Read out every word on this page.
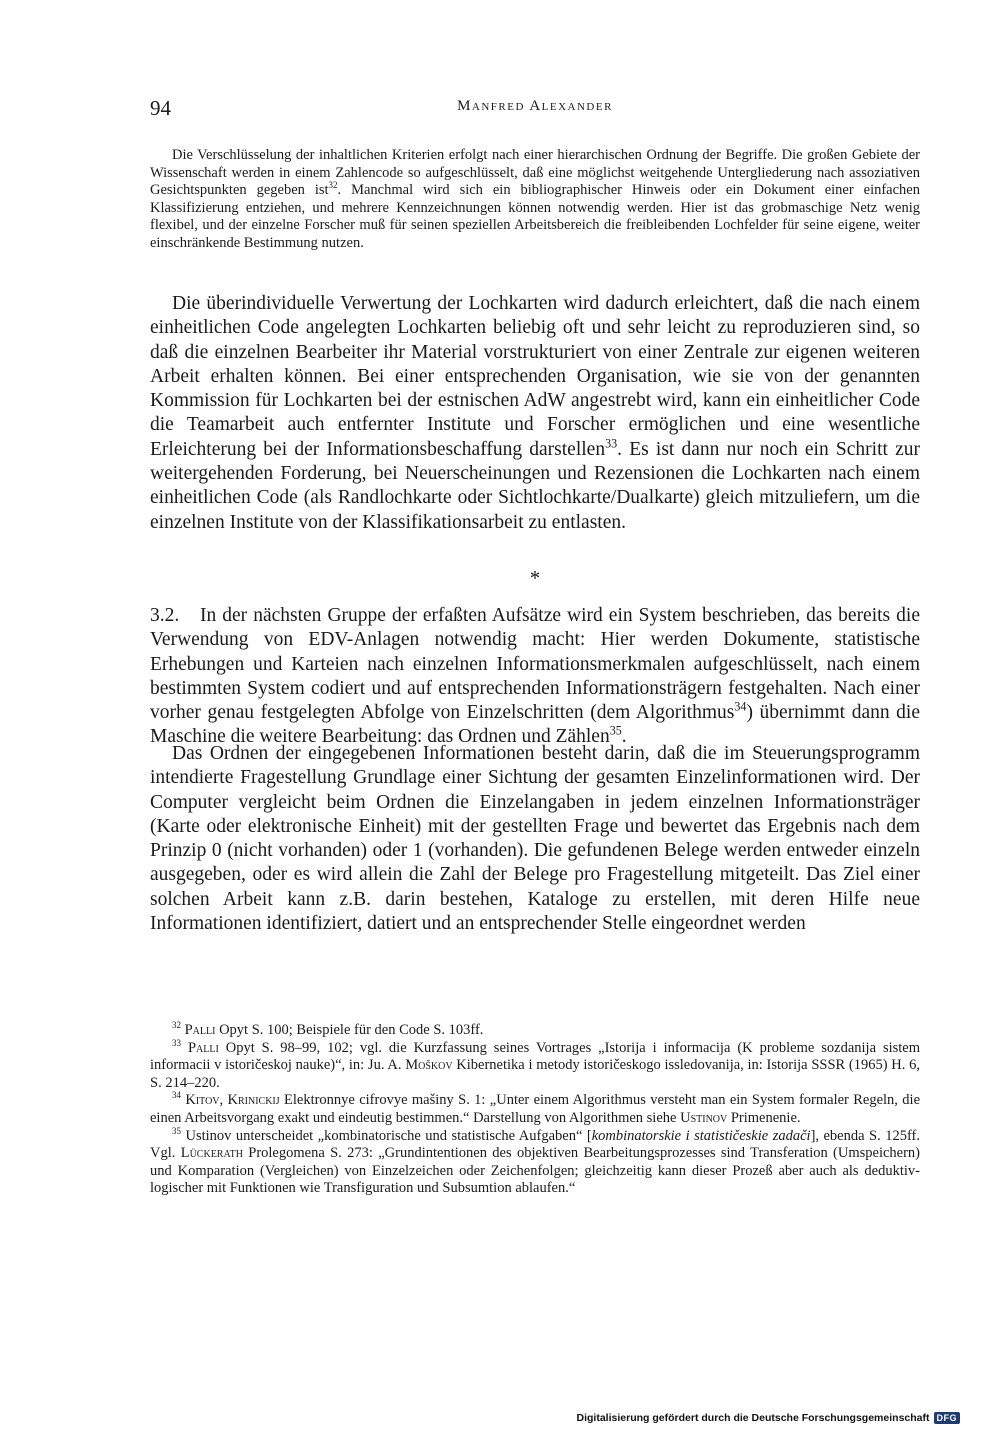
94	Manfred Alexander

Die Verschlüsselung der inhaltlichen Kriterien erfolgt nach einer hierarchischen Ordnung der Begriffe. Die großen Gebiete der Wissenschaft werden in einem Zahlencode so aufgeschlüsselt, daß eine möglichst weitgehende Untergliederung nach assoziativen Gesichtspunkten gegeben ist$^{32}$. Manchmal wird sich ein bibliographischer Hinweis oder ein Dokument einer einfachen Klassifizierung entziehen, und mehrere Kennzeichnungen können notwendig werden. Hier ist das grobmaschige Netz wenig flexibel, und der einzelne Forscher muß für seinen speziellen Arbeitsbereich die freibleibenden Lochfelder für seine eigene, weiter einschränkende Bestimmung nutzen.

Die überindividuelle Verwertung der Lochkarten wird dadurch erleichtert, daß die nach einem einheitlichen Code angelegten Lochkarten beliebig oft und sehr leicht zu reproduzieren sind, so daß die einzelnen Bearbeiter ihr Material vorstrukturiert von einer Zentrale zur eigenen weiteren Arbeit erhalten können. Bei einer entsprechenden Organisation, wie sie von der genannten Kommission für Lochkarten bei der estnischen AdW angestrebt wird, kann ein einheitlicher Code die Teamarbeit auch entfernter Institute und Forscher ermöglichen und eine wesentliche Erleichterung bei der Informationsbeschaffung darstellen$^{33}$. Es ist dann nur noch ein Schritt zur weitergehenden Forderung, bei Neuerscheinungen und Rezensionen die Lochkarten nach einem einheitlichen Code (als Randlochkarte oder Sichtlochkarte/Dualkarte) gleich mitzuliefern, um die einzelnen Institute von der Klassifikationsarbeit zu entlasten.

*

3.2. In der nächsten Gruppe der erfaßten Aufsätze wird ein System beschrieben, das bereits die Verwendung von EDV-Anlagen notwendig macht: Hier werden Dokumente, statistische Erhebungen und Karteien nach einzelnen Informationsmerkmalen aufgeschlüsselt, nach einem bestimmten System codiert und auf entsprechenden Informationsträgern festgehalten. Nach einer vorher genau festgelegten Abfolge von Einzelschritten (dem Algorithmus$^{34}$) übernimmt dann die Maschine die weitere Bearbeitung: das Ordnen und Zählen$^{35}$.

Das Ordnen der eingegebenen Informationen besteht darin, daß die im Steuerungsprogramm intendierte Fragestellung Grundlage einer Sichtung der gesamten Einzelinformationen wird. Der Computer vergleicht beim Ordnen die Einzelangaben in jedem einzelnen Informationsträger (Karte oder elektronische Einheit) mit der gestellten Frage und bewertet das Ergebnis nach dem Prinzip 0 (nicht vorhanden) oder 1 (vorhanden). Die gefundenen Belege werden entweder einzeln ausgegeben, oder es wird allein die Zahl der Belege pro Fragestellung mitgeteilt. Das Ziel einer solchen Arbeit kann z.B. darin bestehen, Kataloge zu erstellen, mit deren Hilfe neue Informationen identifiziert, datiert und an entsprechender Stelle eingeordnet werden

$^{32}$ Palli Opyt S. 100; Beispiele für den Code S. 103ff.

$^{33}$ Palli Opyt S. 98–99, 102; vgl. die Kurzfassung seines Vortrages „Istorija i informacija (K probleme sozdanija sistem informacii v istoričeskoj nauke)“, in: Ju. A. Moškov Kibernetika i metody istoričeskogo issledovanija, in: Istorija SSSR (1965) H. 6, S. 214–220.

$^{34}$ Kitov, Krinickij Elektronnye cifrovye mašiny S. 1: „Unter einem Algorithmus versteht man ein System formaler Regeln, die einen Arbeitsvorgang exakt und eindeutig bestimmen.“ Darstellung von Algorithmen siehe Ustinov Primenenie.

$^{35}$ Ustinov unterscheidet „kombinatorische und statistische Aufgaben“ [kombinatorskie i statističeskie zadači], ebenda S. 125ff. Vgl. Lückerath Prolegomena S. 273: „Grundintentionen des objektiven Bearbeitungsprozesses sind Transferation (Umspeichern) und Komparation (Vergleichen) von Einzelzeichen oder Zeichenfolgen; gleichzeitig kann dieser Prozeß aber auch als deduktiv-logischer mit Funktionen wie Transfiguration und Subsumtion ablaufen.“

Digitalisierung gefördert durch die Deutsche Forschungsgemeinschaft DFG
